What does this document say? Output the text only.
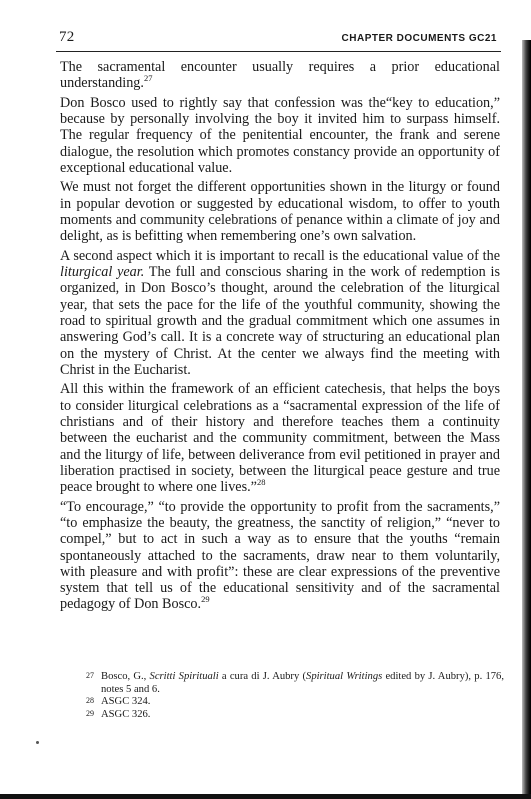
72	CHAPTER DOCUMENTS GC21

The sacramental encounter usually requires a prior educational understanding.$^{27}$

Don Bosco used to rightly say that confession was the“key to education,” because by personally involving the boy it invited him to surpass himself. The regular frequency of the penitential encounter, the frank and serene dialogue, the resolution which promotes constancy provide an opportunity of exceptional educational value.

We must not forget the different opportunities shown in the liturgy or found in popular devotion or suggested by educational wisdom, to offer to youth moments and community celebrations of penance within a climate of joy and delight, as is befitting when remembering one’s own salvation.

A second aspect which it is important to recall is the educational value of the liturgical year. The full and conscious sharing in the work of redemption is organized, in Don Bosco’s thought, around the celebration of the liturgical year, that sets the pace for the life of the youthful community, showing the road to spiritual growth and the gradual commitment which one assumes in answering God’s call. It is a concrete way of structuring an educational plan on the mystery of Christ. At the center we always find the meeting with Christ in the Eucharist.

All this within the framework of an efficient catechesis, that helps the boys to consider liturgical celebrations as a “sacramental expression of the life of christians and of their history and therefore teaches them a continuity between the eucharist and the community commitment, between the Mass and the liturgy of life, between deliverance from evil petitioned in prayer and liberation practised in society, between the liturgical peace gesture and true peace brought to where one lives.”$^{28}$

“To encourage,” “to provide the opportunity to profit from the sacraments,” “to emphasize the beauty, the greatness, the sanctity of religion,” “never to compel,” but to act in such a way as to ensure that the youths “remain spontaneously attached to the sacraments, draw near to them voluntarily, with pleasure and with profit”: these are clear expressions of the preventive system that tell us of the educational sensitivity and of the sacramental pedagogy of Don Bosco.$^{29}$

27 Bosco, G., Scritti Spirituali a cura di J. Aubry (Spiritual Writings edited by J. Aubry), p. 176, notes 5 and 6.
28 ASGC 324.
29 ASGC 326.
